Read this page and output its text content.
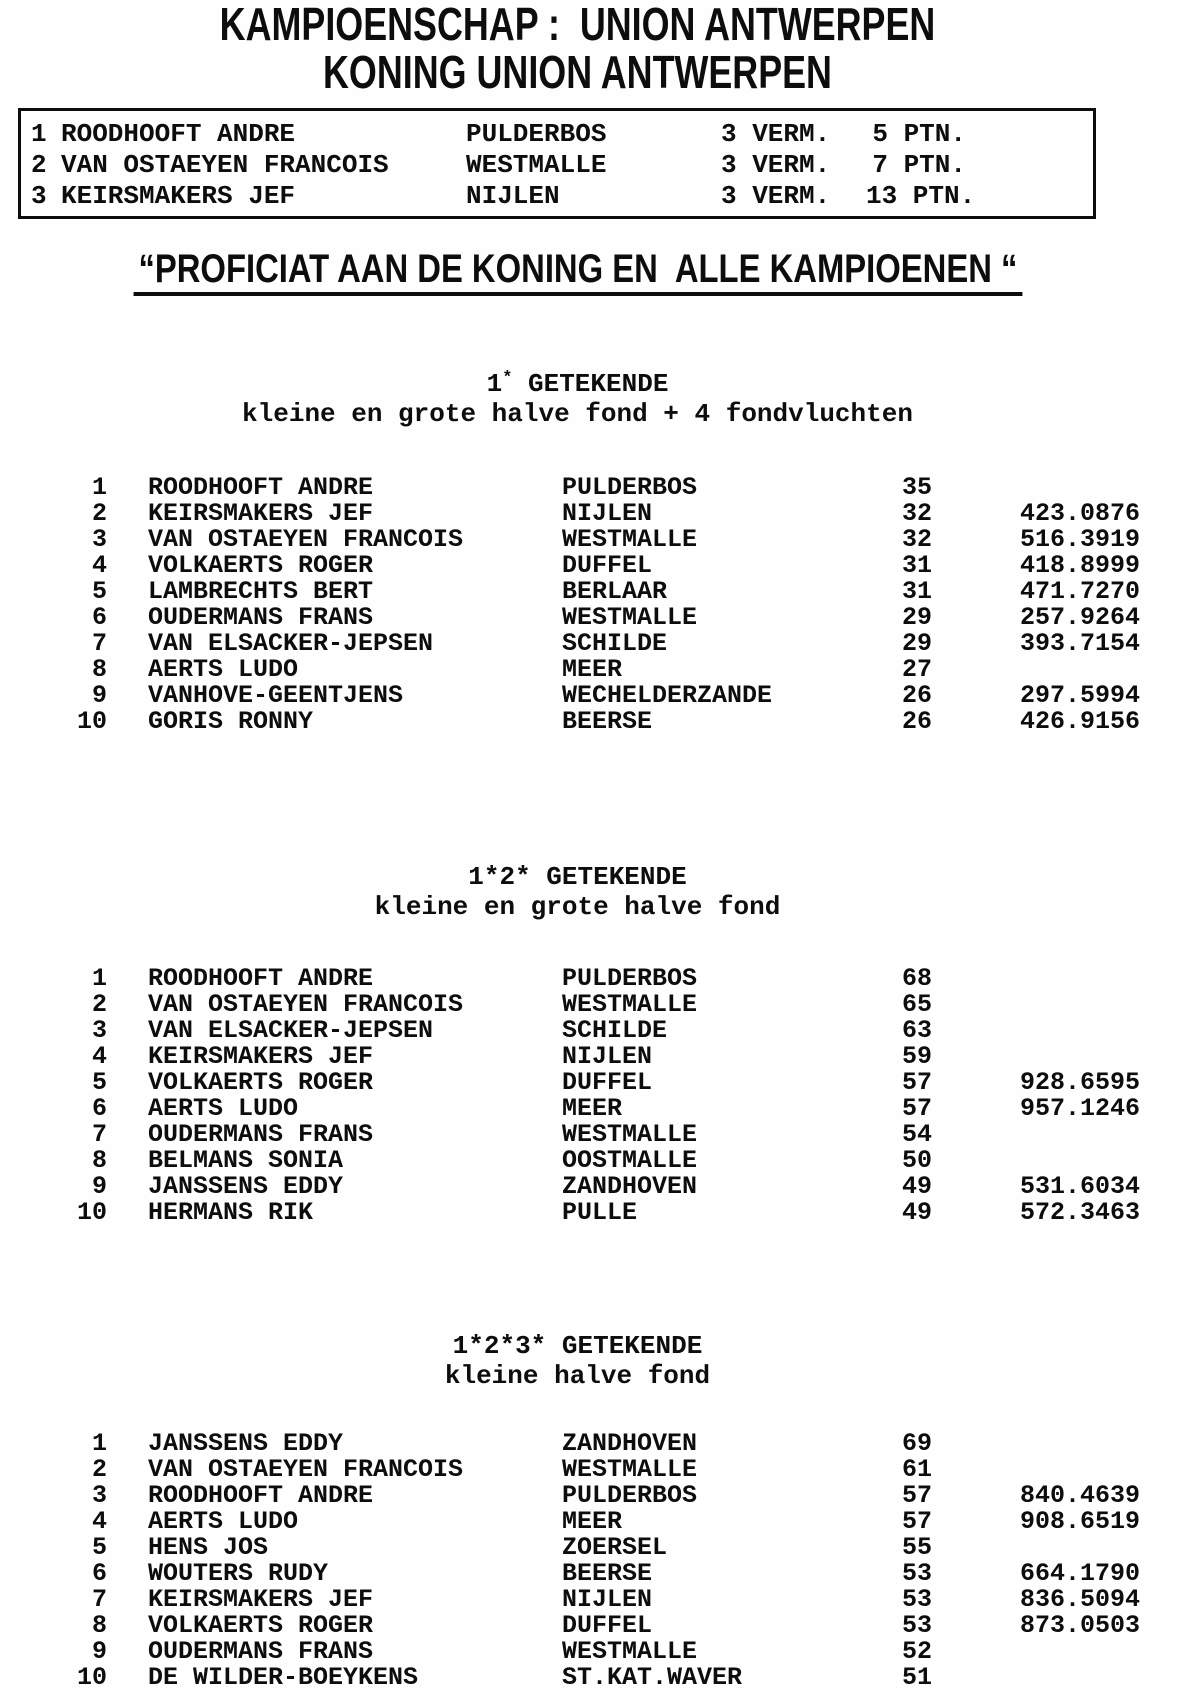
KAMPIOENSCHAP :  UNION ANTWERPEN
KONING UNION ANTWERPEN
1 ROODHOOFT ANDRE	PULDERBOS	3 VERM.	5 PTN.
2 VAN OSTAEYEN FRANCOIS	WESTMALLE	3 VERM.	7 PTN.
3 KEIRSMAKERS JEF	NIJLEN	3 VERM.	13 PTN.
“PROFICIAT AAN DE KONING EN  ALLE KAMPIOENEN “
1* GETEKENDE
kleine en grote halve fond + 4 fondvluchten
1 ROODHOOFT ANDRE	PULDERBOS	35
2 KEIRSMAKERS JEF	NIJLEN	32	423.0876
3 VAN OSTAEYEN FRANCOIS	WESTMALLE	32	516.3919
4 VOLKAERTS ROGER	DUFFEL	31	418.8999
5 LAMBRECHTS BERT	BERLAAR	31	471.7270
6 OUDERMANS FRANS	WESTMALLE	29	257.9264
7 VAN ELSACKER-JEPSEN	SCHILDE	29	393.7154
8 AERTS LUDO	MEER	27
9 VANHOVE-GEENTJENS	WECHELDERZANDE	26	297.5994
10 GORIS RONNY	BEERSE	26	426.9156
1*2* GETEKENDE
kleine en grote halve fond
1 ROODHOOFT ANDRE	PULDERBOS	68
2 VAN OSTAEYEN FRANCOIS	WESTMALLE	65
3 VAN ELSACKER-JEPSEN	SCHILDE	63
4 KEIRSMAKERS JEF	NIJLEN	59
5 VOLKAERTS ROGER	DUFFEL	57	928.6595
6 AERTS LUDO	MEER	57	957.1246
7 OUDERMANS FRANS	WESTMALLE	54
8 BELMANS SONIA	OOSTMALLE	50
9 JANSSENS EDDY	ZANDHOVEN	49	531.6034
10 HERMANS RIK	PULLE	49	572.3463
1*2*3* GETEKENDE
kleine halve fond
1 JANSSENS EDDY	ZANDHOVEN	69
2 VAN OSTAEYEN FRANCOIS	WESTMALLE	61
3 ROODHOOFT ANDRE	PULDERBOS	57	840.4639
4 AERTS LUDO	MEER	57	908.6519
5 HENS JOS	ZOERSEL	55
6 WOUTERS RUDY	BEERSE	53	664.1790
7 KEIRSMAKERS JEF	NIJLEN	53	836.5094
8 VOLKAERTS ROGER	DUFFEL	53	873.0503
9 OUDERMANS FRANS	WESTMALLE	52
10 DE WILDER-BOEYKENS	ST.KAT.WAVER	51
